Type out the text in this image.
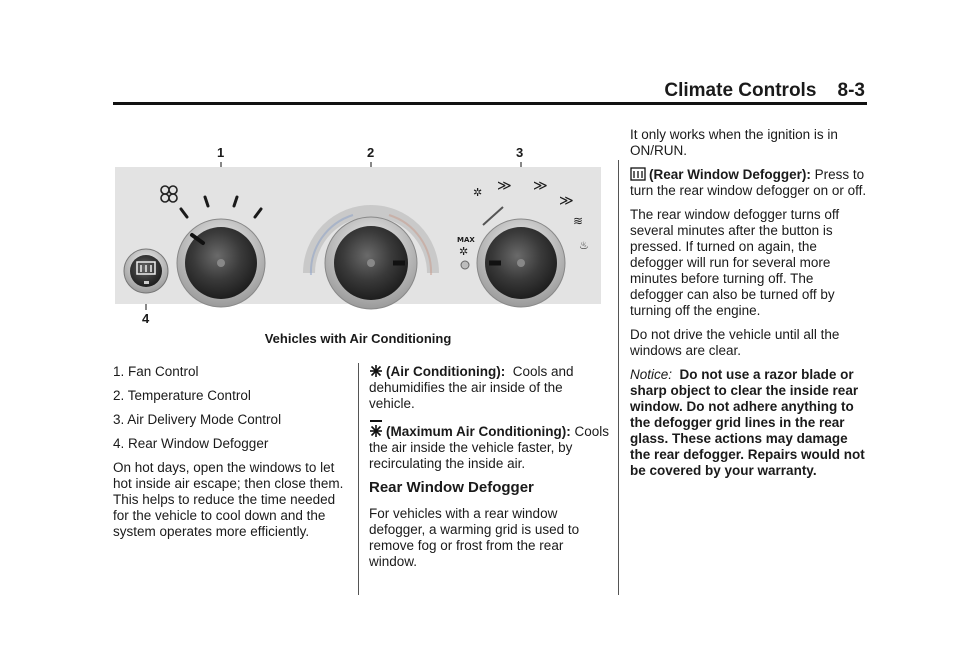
Climate Controls 8-3
1	2	3
4
✲
MAX
✲
≫ ≫
≫
≋
♨
Vehicles with Air Conditioning
1. Fan Control
2. Temperature Control
3. Air Delivery Mode Control
4. Rear Window Defogger

On hot days, open the windows to let hot inside air escape; then close them. This helps to reduce the time needed for the vehicle to cool down and the system operates more efficiently.

(Air Conditioning): Cools and dehumidifies the air inside of the vehicle.

(Maximum Air Conditioning): Cools the air inside the vehicle faster, by recirculating the inside air.

Rear Window Defogger

For vehicles with a rear window defogger, a warming grid is used to remove fog or frost from the rear window.

It only works when the ignition is in ON/RUN.

(Rear Window Defogger): Press to turn the rear window defogger on or off.

The rear window defogger turns off several minutes after the button is pressed. If turned on again, the defogger will run for several more minutes before turning off. The defogger can also be turned off by turning off the engine.

Do not drive the vehicle until all the windows are clear.

Notice: Do not use a razor blade or sharp object to clear the inside rear window. Do not adhere anything to the defogger grid lines in the rear glass. These actions may damage the rear defogger. Repairs would not be covered by your warranty.
